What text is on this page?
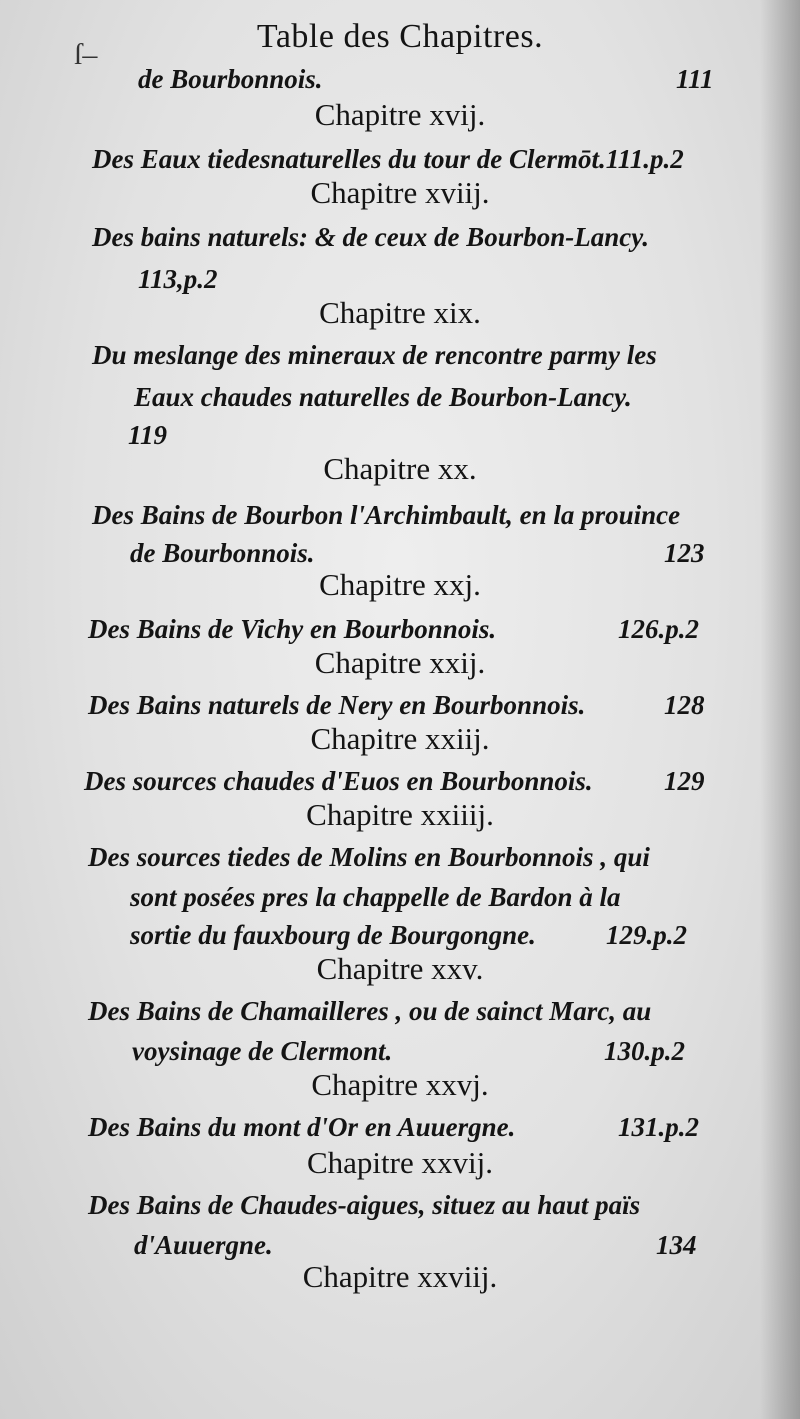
ſ–	Table des Chapitres.
de Bourbonnois.	111
Chapitre xvij.
Des Eaux tiedesnaturelles du tour de Clermōt.111.p.2
Chapitre xviij.
Des bains naturels: & de ceux de Bourbon-Lancy.
113,p.2
Chapitre xix.
Du meslange des mineraux de rencontre parmy les
Eaux chaudes naturelles de Bourbon-Lancy.
119
Chapitre xx.
Des Bains de Bourbon l'Archimbault, en la prouince
de Bourbonnois.	123
Chapitre xxj.
Des Bains de Vichy en Bourbonnois.	126.p.2
Chapitre xxij.
Des Bains naturels de Nery en Bourbonnois.	128
Chapitre xxiij.
Des sources chaudes d'Euos en Bourbonnois.	129
Chapitre xxiiij.
Des sources tiedes de Molins en Bourbonnois , qui
sont posées pres la chappelle de Bardon à la
sortie du fauxbourg de Bourgongne.	129.p.2
Chapitre xxv.
Des Bains de Chamailleres , ou de sainct Marc, au
voysinage de Clermont.	130.p.2
Chapitre xxvj.
Des Bains du mont d'Or en Auuergne.	131.p.2
Chapitre xxvij.
Des Bains de Chaudes-aigues, situez au haut païs
d'Auuergne.	134
Chapitre xxviij.
